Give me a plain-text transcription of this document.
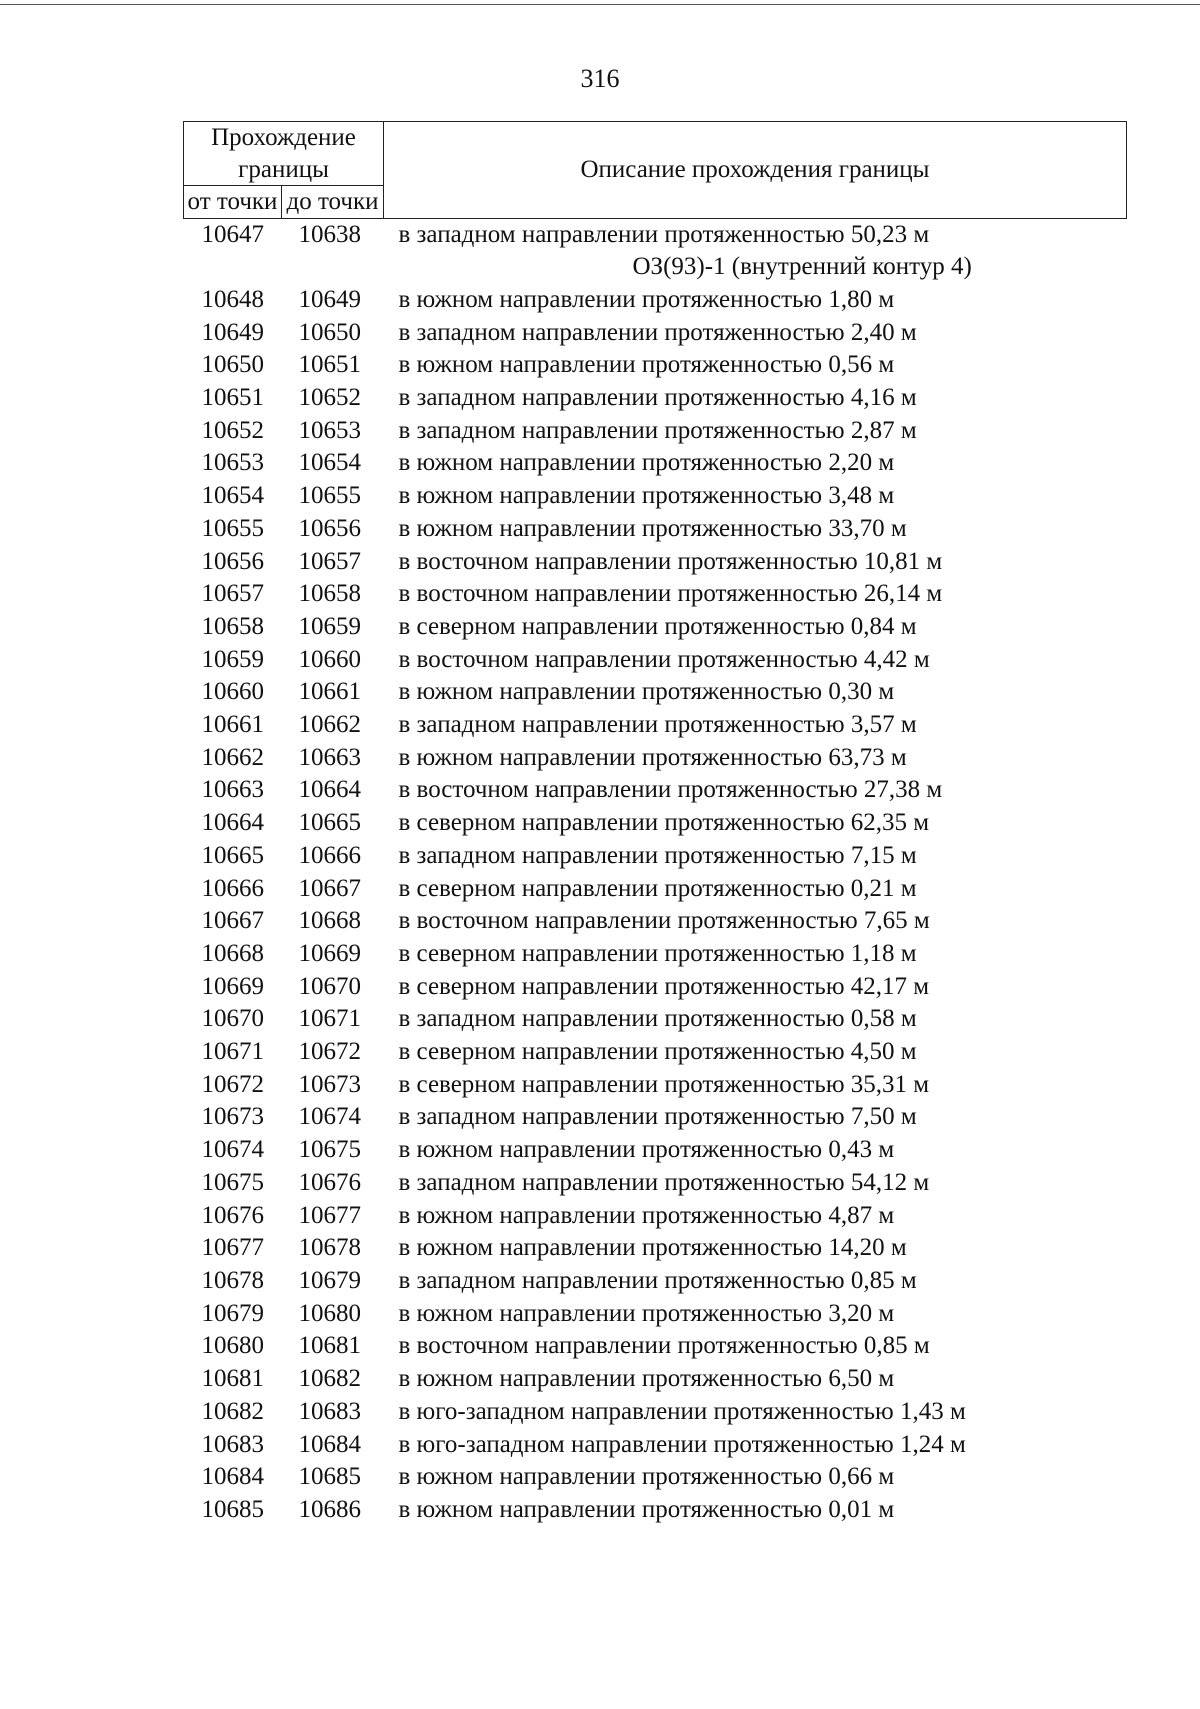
316
Прохождение границы		Описание прохождения границы
от точки	до точки	
10647	10638	в западном направлении протяженностью 50,23 м
		ОЗ(93)-1 (внутренний контур 4)
10648	10649	в южном направлении протяженностью 1,80 м
10649	10650	в западном направлении протяженностью 2,40 м
10650	10651	в южном направлении протяженностью 0,56 м
10651	10652	в западном направлении протяженностью 4,16 м
10652	10653	в западном направлении протяженностью 2,87 м
10653	10654	в южном направлении протяженностью 2,20 м
10654	10655	в южном направлении протяженностью 3,48 м
10655	10656	в южном направлении протяженностью 33,70 м
10656	10657	в восточном направлении протяженностью 10,81 м
10657	10658	в восточном направлении протяженностью 26,14 м
10658	10659	в северном направлении протяженностью 0,84 м
10659	10660	в восточном направлении протяженностью 4,42 м
10660	10661	в южном направлении протяженностью 0,30 м
10661	10662	в западном направлении протяженностью 3,57 м
10662	10663	в южном направлении протяженностью 63,73 м
10663	10664	в восточном направлении протяженностью 27,38 м
10664	10665	в северном направлении протяженностью 62,35 м
10665	10666	в западном направлении протяженностью 7,15 м
10666	10667	в северном направлении протяженностью 0,21 м
10667	10668	в восточном направлении протяженностью 7,65 м
10668	10669	в северном направлении протяженностью 1,18 м
10669	10670	в северном направлении протяженностью 42,17 м
10670	10671	в западном направлении протяженностью 0,58 м
10671	10672	в северном направлении протяженностью 4,50 м
10672	10673	в северном направлении протяженностью 35,31 м
10673	10674	в западном направлении протяженностью 7,50 м
10674	10675	в южном направлении протяженностью 0,43 м
10675	10676	в западном направлении протяженностью 54,12 м
10676	10677	в южном направлении протяженностью 4,87 м
10677	10678	в южном направлении протяженностью 14,20 м
10678	10679	в западном направлении протяженностью 0,85 м
10679	10680	в южном направлении протяженностью 3,20 м
10680	10681	в восточном направлении протяженностью 0,85 м
10681	10682	в южном направлении протяженностью 6,50 м
10682	10683	в юго-западном направлении протяженностью 1,43 м
10683	10684	в юго-западном направлении протяженностью 1,24 м
10684	10685	в южном направлении протяженностью 0,66 м
10685	10686	в южном направлении протяженностью 0,01 м
